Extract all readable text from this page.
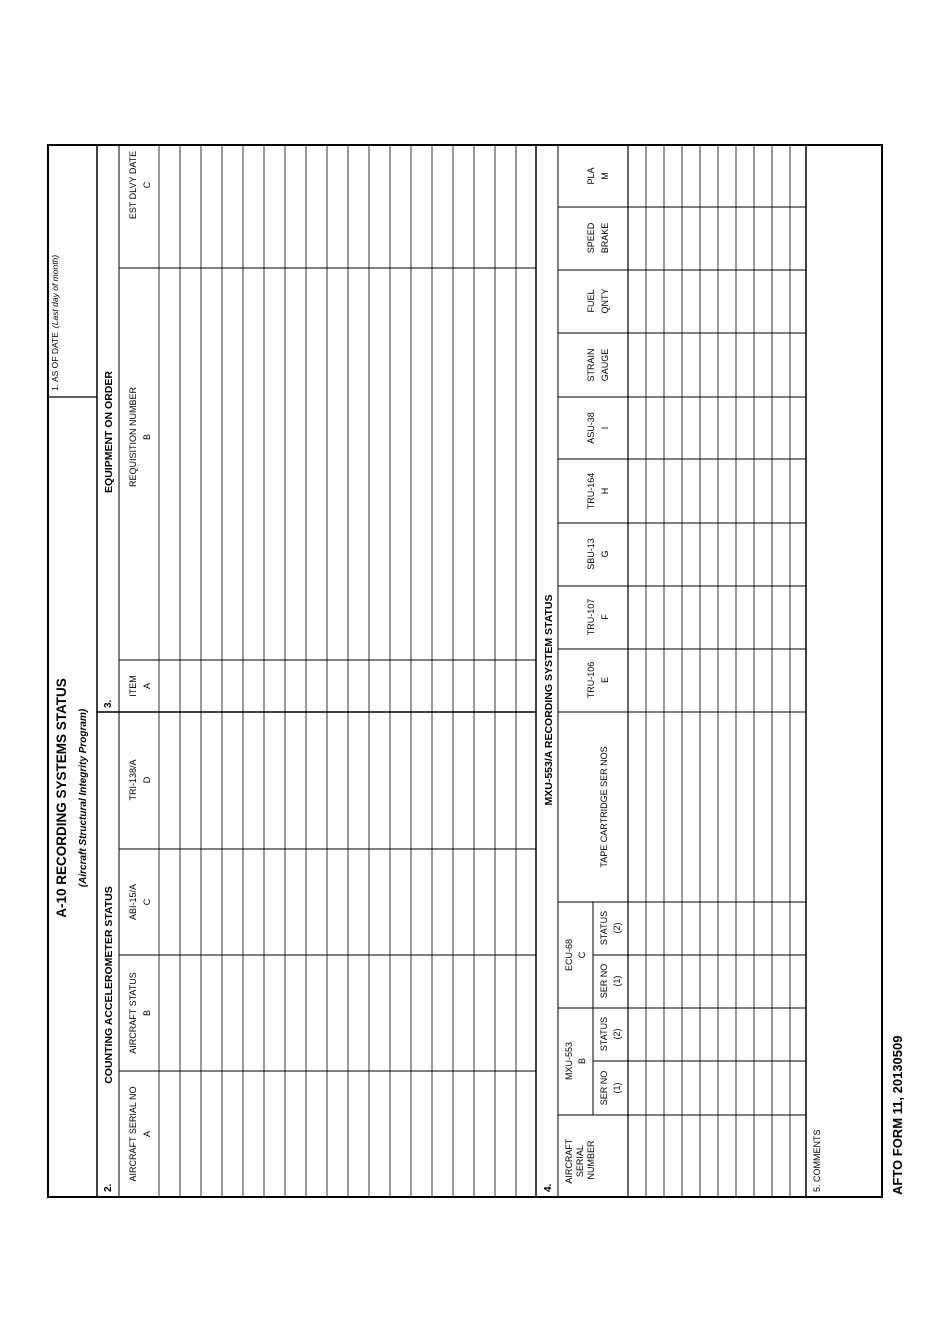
A-10 RECORDING SYSTEMS STATUS (Aircraft Structural Integrity Program)
1. AS OF DATE(Last day of month)
2.
COUNTING ACCELEROMETER STATUS
AIRCRAFT SERIAL NO A
AIRCRAFT STATUS B
ABI-15/A C
TRI-138/A D
3.
EQUIPMENT ON ORDER
ITEM A
REQUISITION NUMBER B
EST DLVY DATE C
4.
MXU-553/A RECORDING SYSTEM STATUS
AIRCRAFT SERIAL NUMBER
MXU-553 B
SER NO (1)
STATUS (2)
ECU-68 C
SER NO (1)
STATUS (2)
TAPE CARTRIDGE SER NOS
TRU-106 E
TRU-107 F
SBU-13 G
TRU-164 H
ASU-38 I
STRAIN GAUGE
FUEL QNTY
SPEED BRAKE
PLA M
5. COMMENTS	AFTO FORM 11, 20130509
